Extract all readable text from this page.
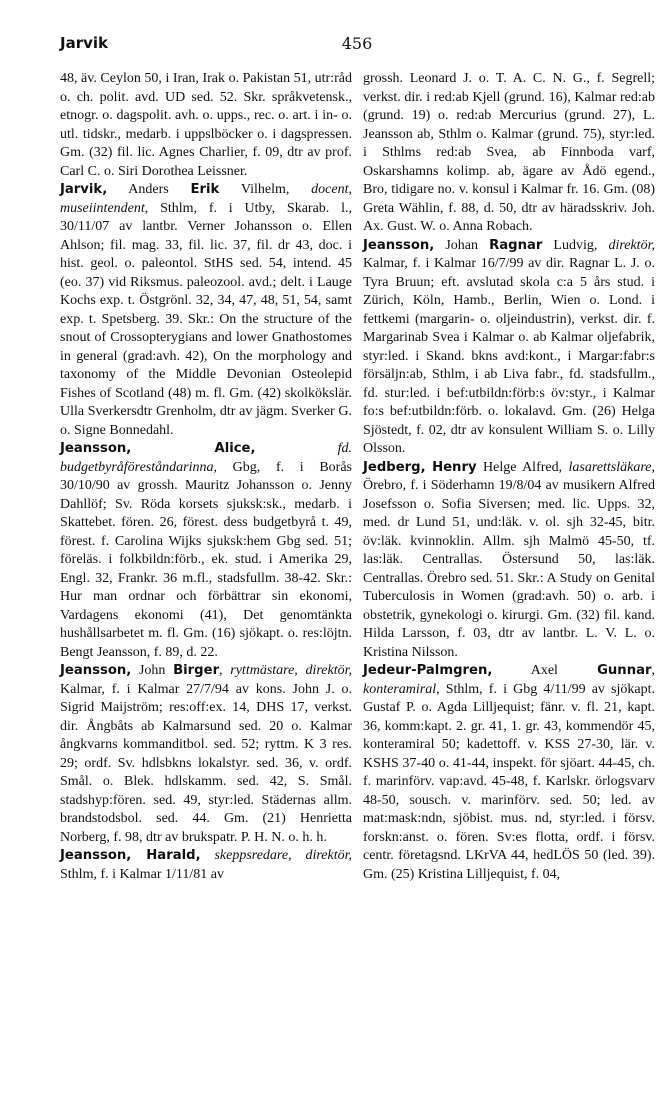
Jarvik	456

48, äv. Ceylon 50, i Iran, Irak o. Pakistan 51, utr:råd o. ch. polit. avd. UD sed. 52. Skr. språkvetensk., etnogr. o. dagspolit. avh. o. upps., rec. o. art. i in- o. utl. tidskr., medarb. i uppslböcker o. i dagspressen. Gm. (32) fil. lic. Agnes Charlier, f. 09, dtr av prof. Carl C. o. Siri Dorothea Leissner.

Jarvik, Anders Erik Vilhelm, docent, museiintendent, Sthlm, f. i Utby, Skarab. l., 30/11/07 av lantbr. Verner Johansson o. Ellen Ahlson; fil. mag. 33, fil. lic. 37, fil. dr 43, doc. i hist. geol. o. paleontol. StHS sed. 54, intend. 45 (eo. 37) vid Riksmus. paleozool. avd.; delt. i Lauge Kochs exp. t. Östgrönl. 32, 34, 47, 48, 51, 54, samt exp. t. Spetsberg. 39. Skr.: On the structure of the snout of Crossopterygians and lower Gnathostomes in general (grad:avh. 42), On the morphology and taxonomy of the Middle Devonian Osteolepid Fishes of Scotland (48) m. fl. Gm. (42) skolkökslär. Ulla Sverkersdtr Grenholm, dtr av jägm. Sverker G. o. Signe Bonnedahl.

Jeansson, Alice,	fd. budgetbyråföreståndarinna, Gbg, f. i Borås 30/10/90 av grossh. Mauritz Johansson o. Jenny Dahllöf; Sv. Röda korsets sjuksk:sk., medarb. i Skattebet. fören. 26, förest. dess budgetbyrå t. 49, förest. f. Carolina Wijks sjuksk:hem Gbg sed. 51; föreläs. i folkbildn:förb., ek. stud. i Amerika 29, Engl. 32, Frankr. 36 m.fl., stadsfullm. 38-42. Skr.: Hur man ordnar och förbättrar sin ekonomi, Vardagens ekonomi (41), Det genomtänkta hushållsarbetet m. fl. Gm. (16) sjökapt. o. res:löjtn. Bengt Jeansson, f. 89, d. 22.

Jeansson, John Birger, ryttmästare, direktör, Kalmar, f. i Kalmar 27/7/94 av kons. John J. o. Sigrid Maijström; res:off:ex. 14, DHS 17, verkst. dir. Ångbåts ab Kalmarsund sed. 20 o. Kalmar ångkvarns kommanditbol. sed. 52; ryttm. K 3 res. 29; ordf. Sv. hdlsbkns lokalstyr. sed. 36, v. ordf. Smål. o. Blek. hdlskamm. sed. 42, S. Smål. stadshyp:fören. sed. 49, styr:led. Städernas allm. brandstodsbol. sed. 44. Gm. (21) Henrietta Norberg, f. 98, dtr av brukspatr. P. H. N. o. h. h.

Jeansson, Harald, skeppsredare, direktör, Sthlm, f. i Kalmar 1/11/81 av

grossh. Leonard J. o. T. A. C. N. G., f. Segrell; verkst. dir. i red:ab Kjell (grund. 16), Kalmar red:ab (grund. 19) o. red:ab Mercurius (grund. 27), L. Jeansson ab, Sthlm o. Kalmar (grund. 75), styr:led. i Sthlms red:ab Svea, ab Finnboda varf, Oskarshamns kolimp. ab, ägare av Ådö egend., Bro, tidigare no. v. konsul i Kalmar fr. 16. Gm. (08) Greta Wählin, f. 88, d. 50, dtr av häradsskriv. Joh. Ax. Gust. W. o. Anna Robach.

Jeansson, Johan Ragnar Ludvig, direktör, Kalmar, f. i Kalmar 16/7/99 av dir. Ragnar L. J. o. Tyra Bruun; eft. avslutad skola c:a 5 års stud. i Zürich, Köln, Hamb., Berlin, Wien o. Lond. i fettkemi (margarin- o. oljeindustrin), verkst. dir. f. Margarinab Svea i Kalmar o. ab Kalmar oljefabrik, styr:led. i Skand. bkns avd:kont., i Margar:fabr:s försäljn:ab, Sthlm, i ab Liva fabr., fd. stadsfullm., fd. stur:led. i bef:utbildn:förb:s öv:styr., i Kalmar fo:s bef:utbildn:förb. o. lokalavd. Gm. (26) Helga Sjöstedt, f. 02, dtr av konsulent William S. o. Lilly Olsson.

Jedberg, Henry Helge Alfred, lasarettsläkare, Örebro, f. i Söderhamn 19/8/04 av musikern Alfred Josefsson o. Sofia Siversen; med. lic. Upps. 32, med. dr Lund 51, und:läk. v. ol. sjh 32-45, bitr. öv:läk. kvinnoklin. Allm. sjh Malmö 45-50, tf. las:läk. Centrallas. Östersund 50, las:läk. Centrallas. Örebro sed. 51. Skr.: A Study on Genital Tuberculosis in Women (grad:avh. 50) o. arb. i obstetrik, gynekologi o. kirurgi. Gm. (32) fil. kand. Hilda Larsson, f. 03, dtr av lantbr. L. V. L. o. Kristina Nilsson.

Jedeur-Palmgren, Axel Gunnar, konteramiral, Sthlm, f. i Gbg 4/11/99 av sjökapt. Gustaf P. o. Agda Lilljequist; fänr. v. fl. 21, kapt. 36, komm:kapt. 2. gr. 41, 1. gr. 43, kommendör 45, konteramiral 50; kadettoff. v. KSS 27-30, lär. v. KSHS 37-40 o. 41-44, inspekt. för sjöart. 44-45, ch. f. marinförv. vap:avd. 45-48, f. Karlskr. örlogsvarv 48-50, sousch. v. marinförv. sed. 50; led. av mat:mask:ndn, sjöbist. mus. nd, styr:led. i försv. forskn:anst. o. fören. Sv:es flotta, ordf. i försv. centr. företagsnd. LKrVA 44, hedLÖS 50 (led. 39). Gm. (25) Kristina Lilljequist, f. 04,
